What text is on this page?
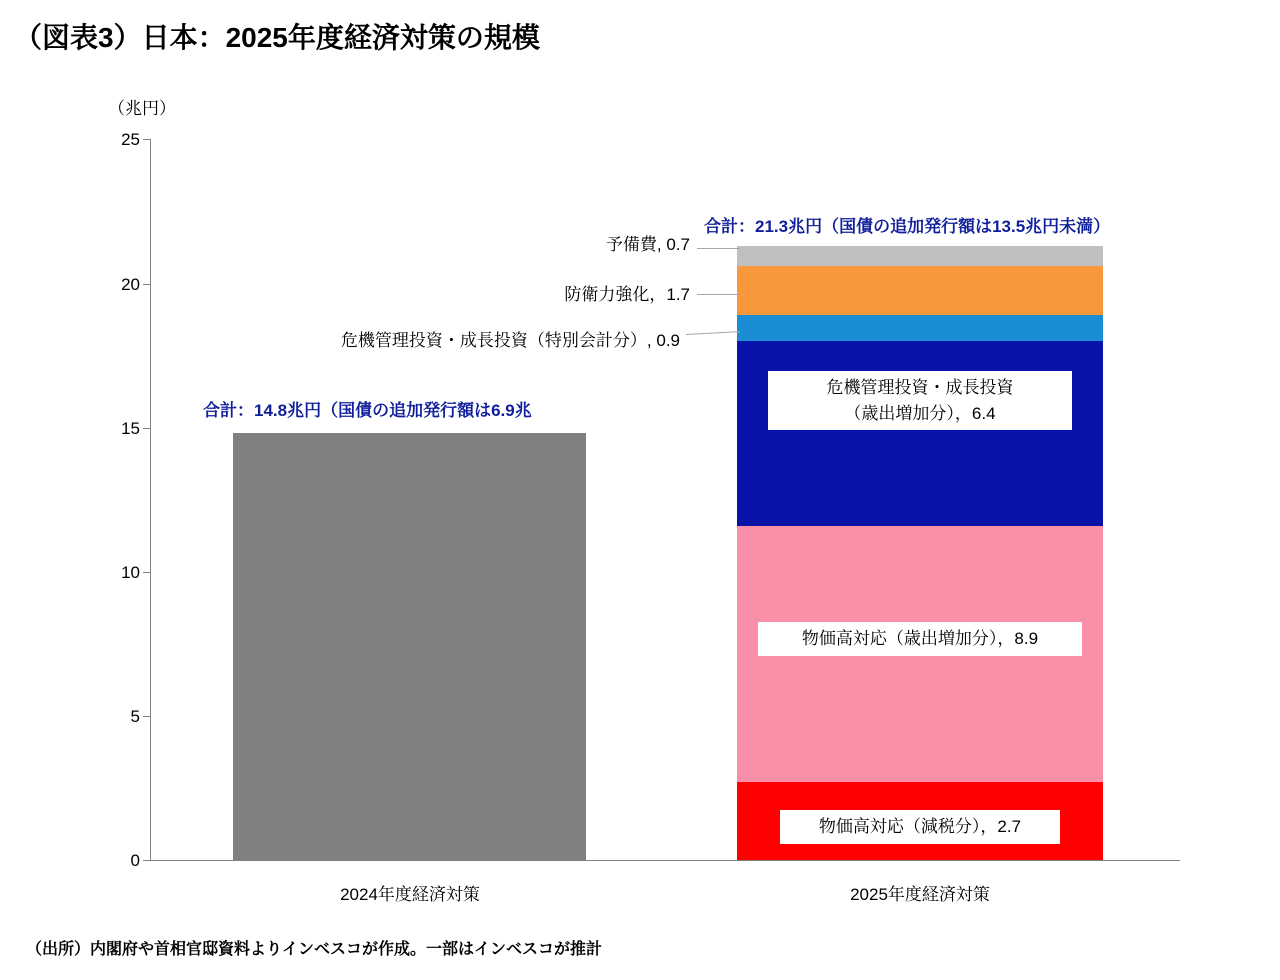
（図表3）日本：2025年度経済対策の規模
（兆円）
25
20
15
10
5
0
危機管理投資・成長投資
（歳出増加分），6.4
物価高対応（歳出増加分），8.9
物価高対応（減税分），2.7
合計：14.8兆円（国債の追加発行額は6.9兆
合計：21.3兆円（国債の追加発行額は13.5兆円未満）
予備費, 0.7
防衛力強化，1.7
危機管理投資・成長投資（特別会計分）, 0.9
2024年度経済対策	2025年度経済対策
（出所）内閣府や首相官邸資料よりインベスコが作成。一部はインベスコが推計
